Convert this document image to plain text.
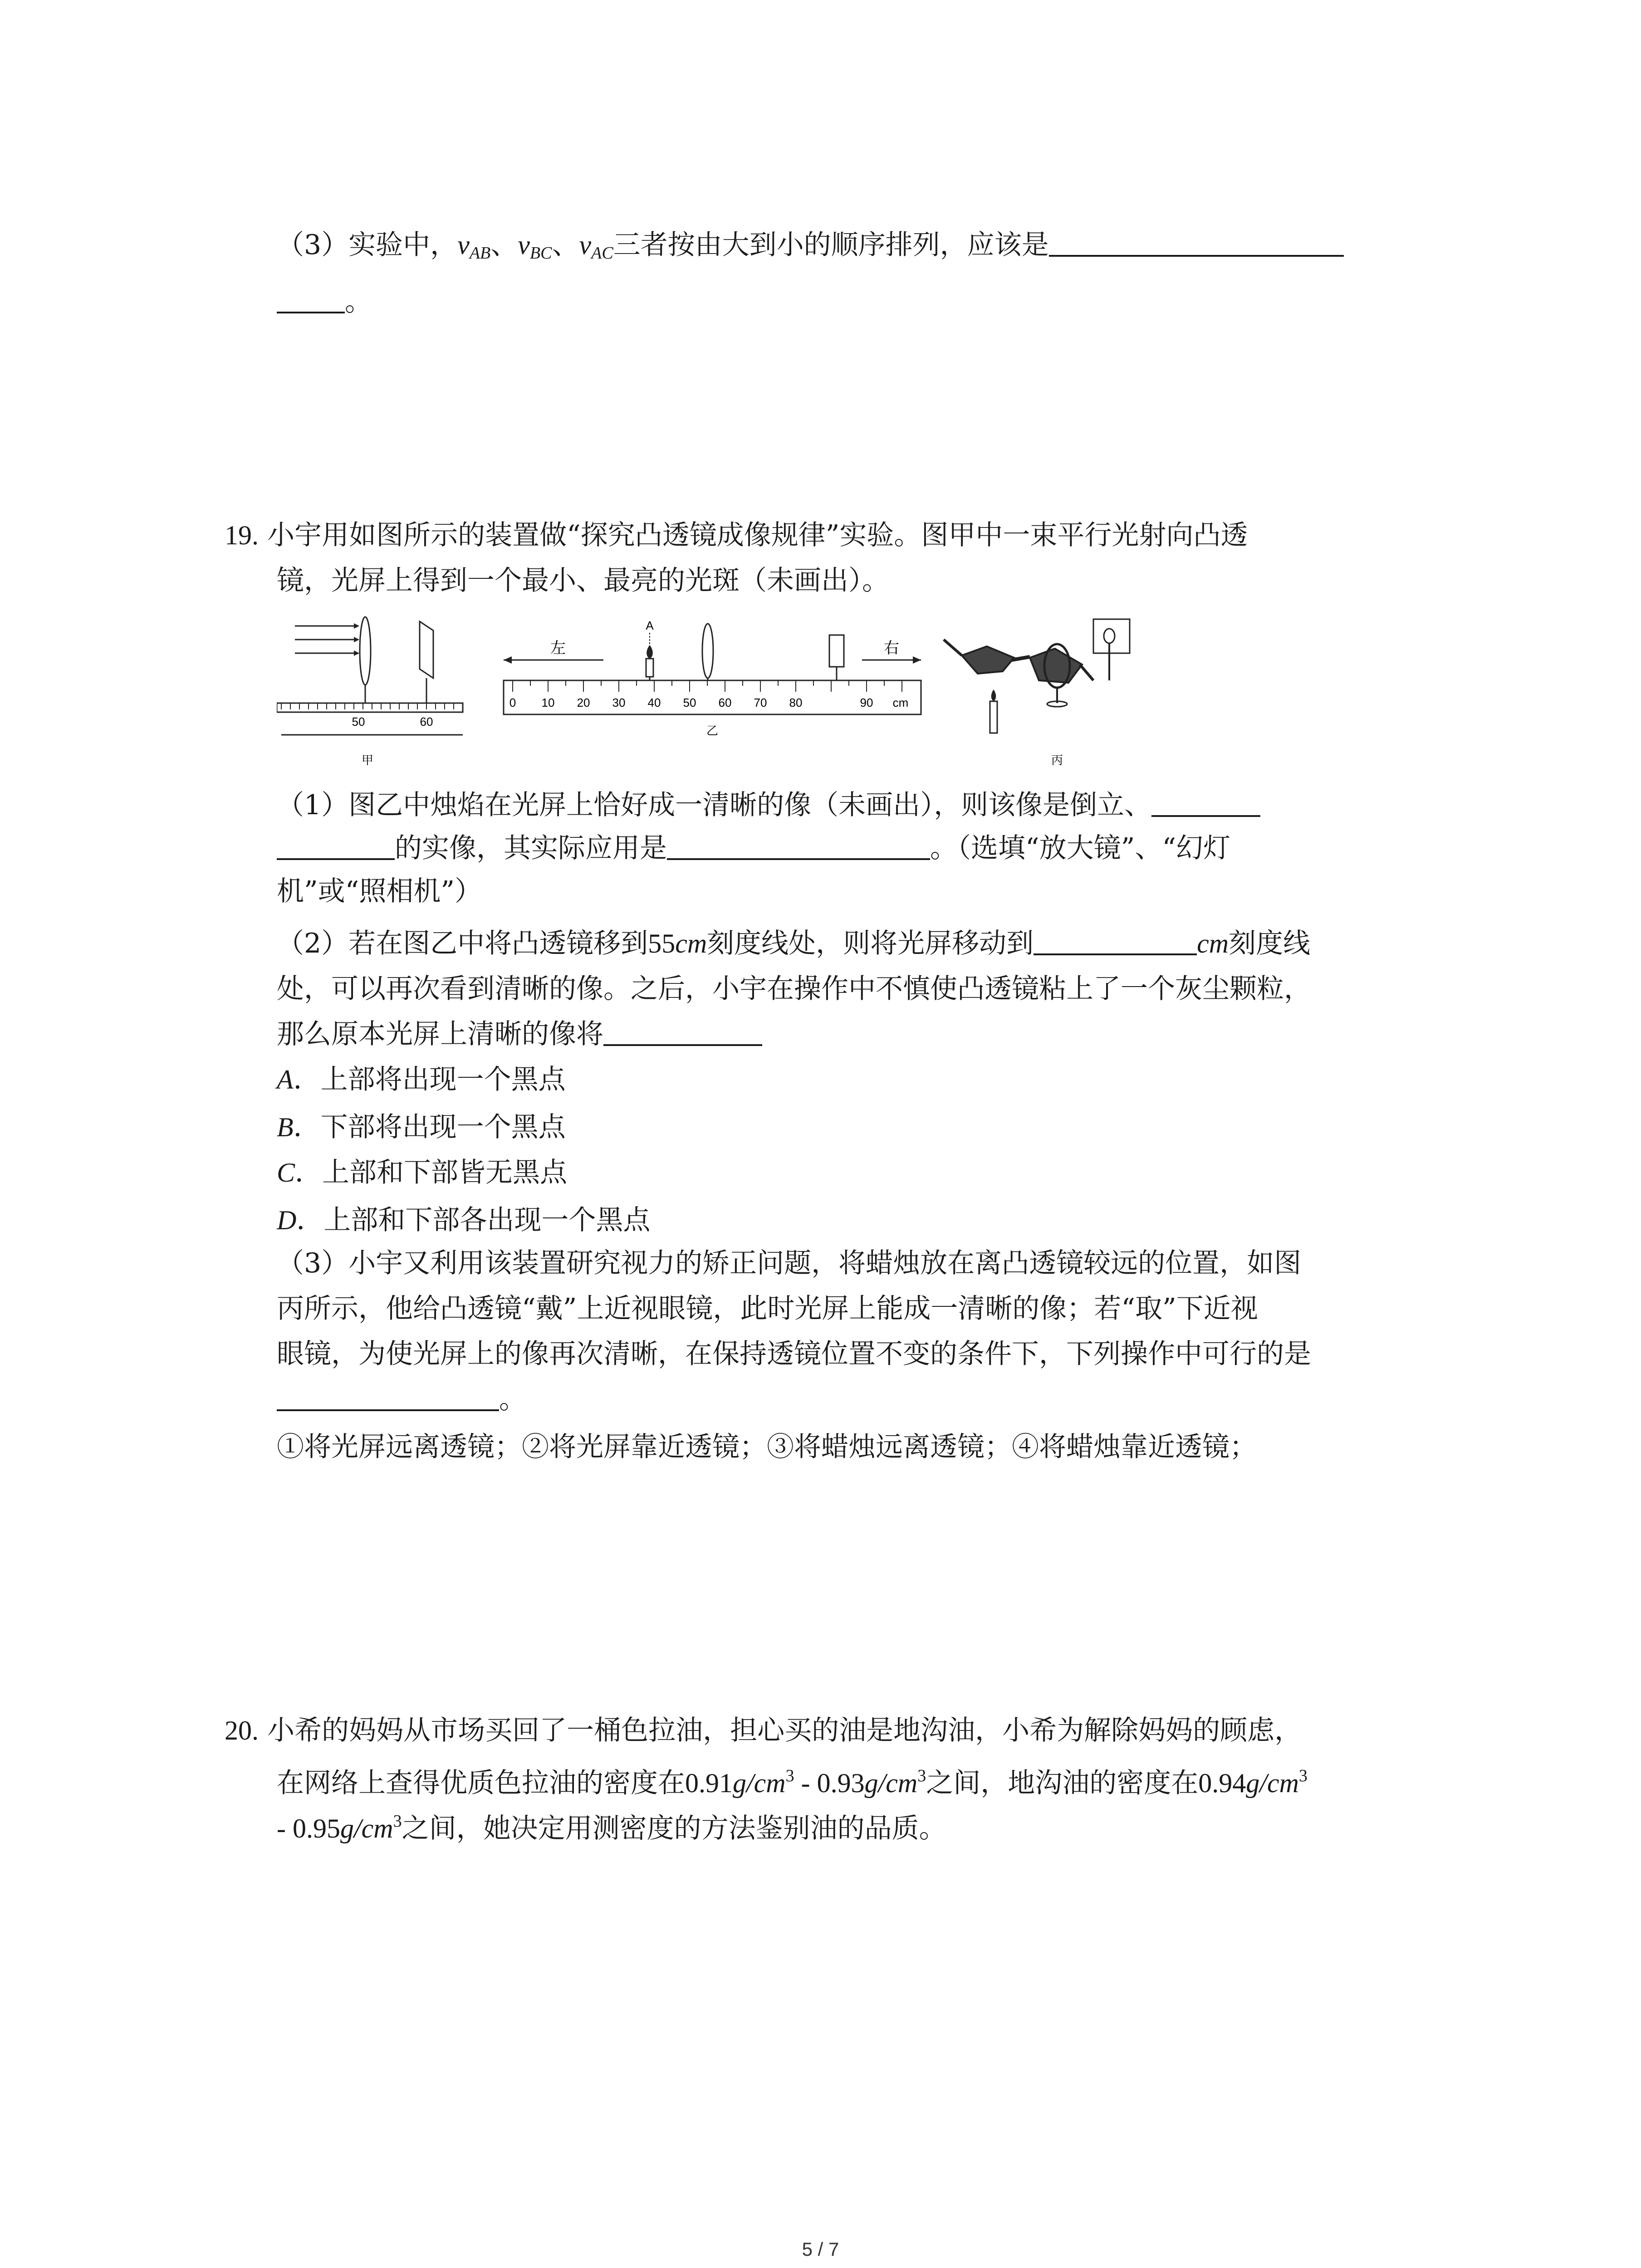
（3）实验中，$v_{AB}$、$v_{BC}$、$v_{AC}$三者按由大到小的顺序排列，应该是
。
19. 小宇用如图所示的装置做“探究凸透镜成像规律”实验。图甲中一束平行光射向凸透
镜，光屏上得到一个最小、最亮的光斑（未画出）。
50	60
甲
左	右
A
0 10 20 30 40 50 60 70 80	90 cm
乙
丙
（1）图乙中烛焰在光屏上恰好成一清晰的像（未画出），则该像是倒立、
的实像，其实际应用是	。（选填“放大镜”、“幻灯
机”或“照相机”）
（2）若在图乙中将凸透镜移到55cm刻度线处，则将光屏移动到	cm刻度线
处，可以再次看到清晰的像。之后，小宇在操作中不慎使凸透镜粘上了一个灰尘颗粒，
那么原本光屏上清晰的像将
A．上部将出现一个黑点
B．下部将出现一个黑点
C．上部和下部皆无黑点
D．上部和下部各出现一个黑点
（3）小宇又利用该装置研究视力的矫正问题，将蜡烛放在离凸透镜较远的位置，如图
丙所示，他给凸透镜“戴”上近视眼镜，此时光屏上能成一清晰的像；若“取”下近视
眼镜，为使光屏上的像再次清晰，在保持透镜位置不变的条件下，下列操作中可行的是
。
①将光屏远离透镜；②将光屏靠近透镜；③将蜡烛远离透镜；④将蜡烛靠近透镜；
20. 小希的妈妈从市场买回了一桶色拉油，担心买的油是地沟油，小希为解除妈妈的顾虑，
在网络上查得优质色拉油的密度在$0.91g/cm^3 - 0.93g/cm^3$之间，地沟油的密度在$0.94g/cm^3$
- $0.95g/cm^3$之间，她决定用测密度的方法鉴别油的品质。
5 / 7
